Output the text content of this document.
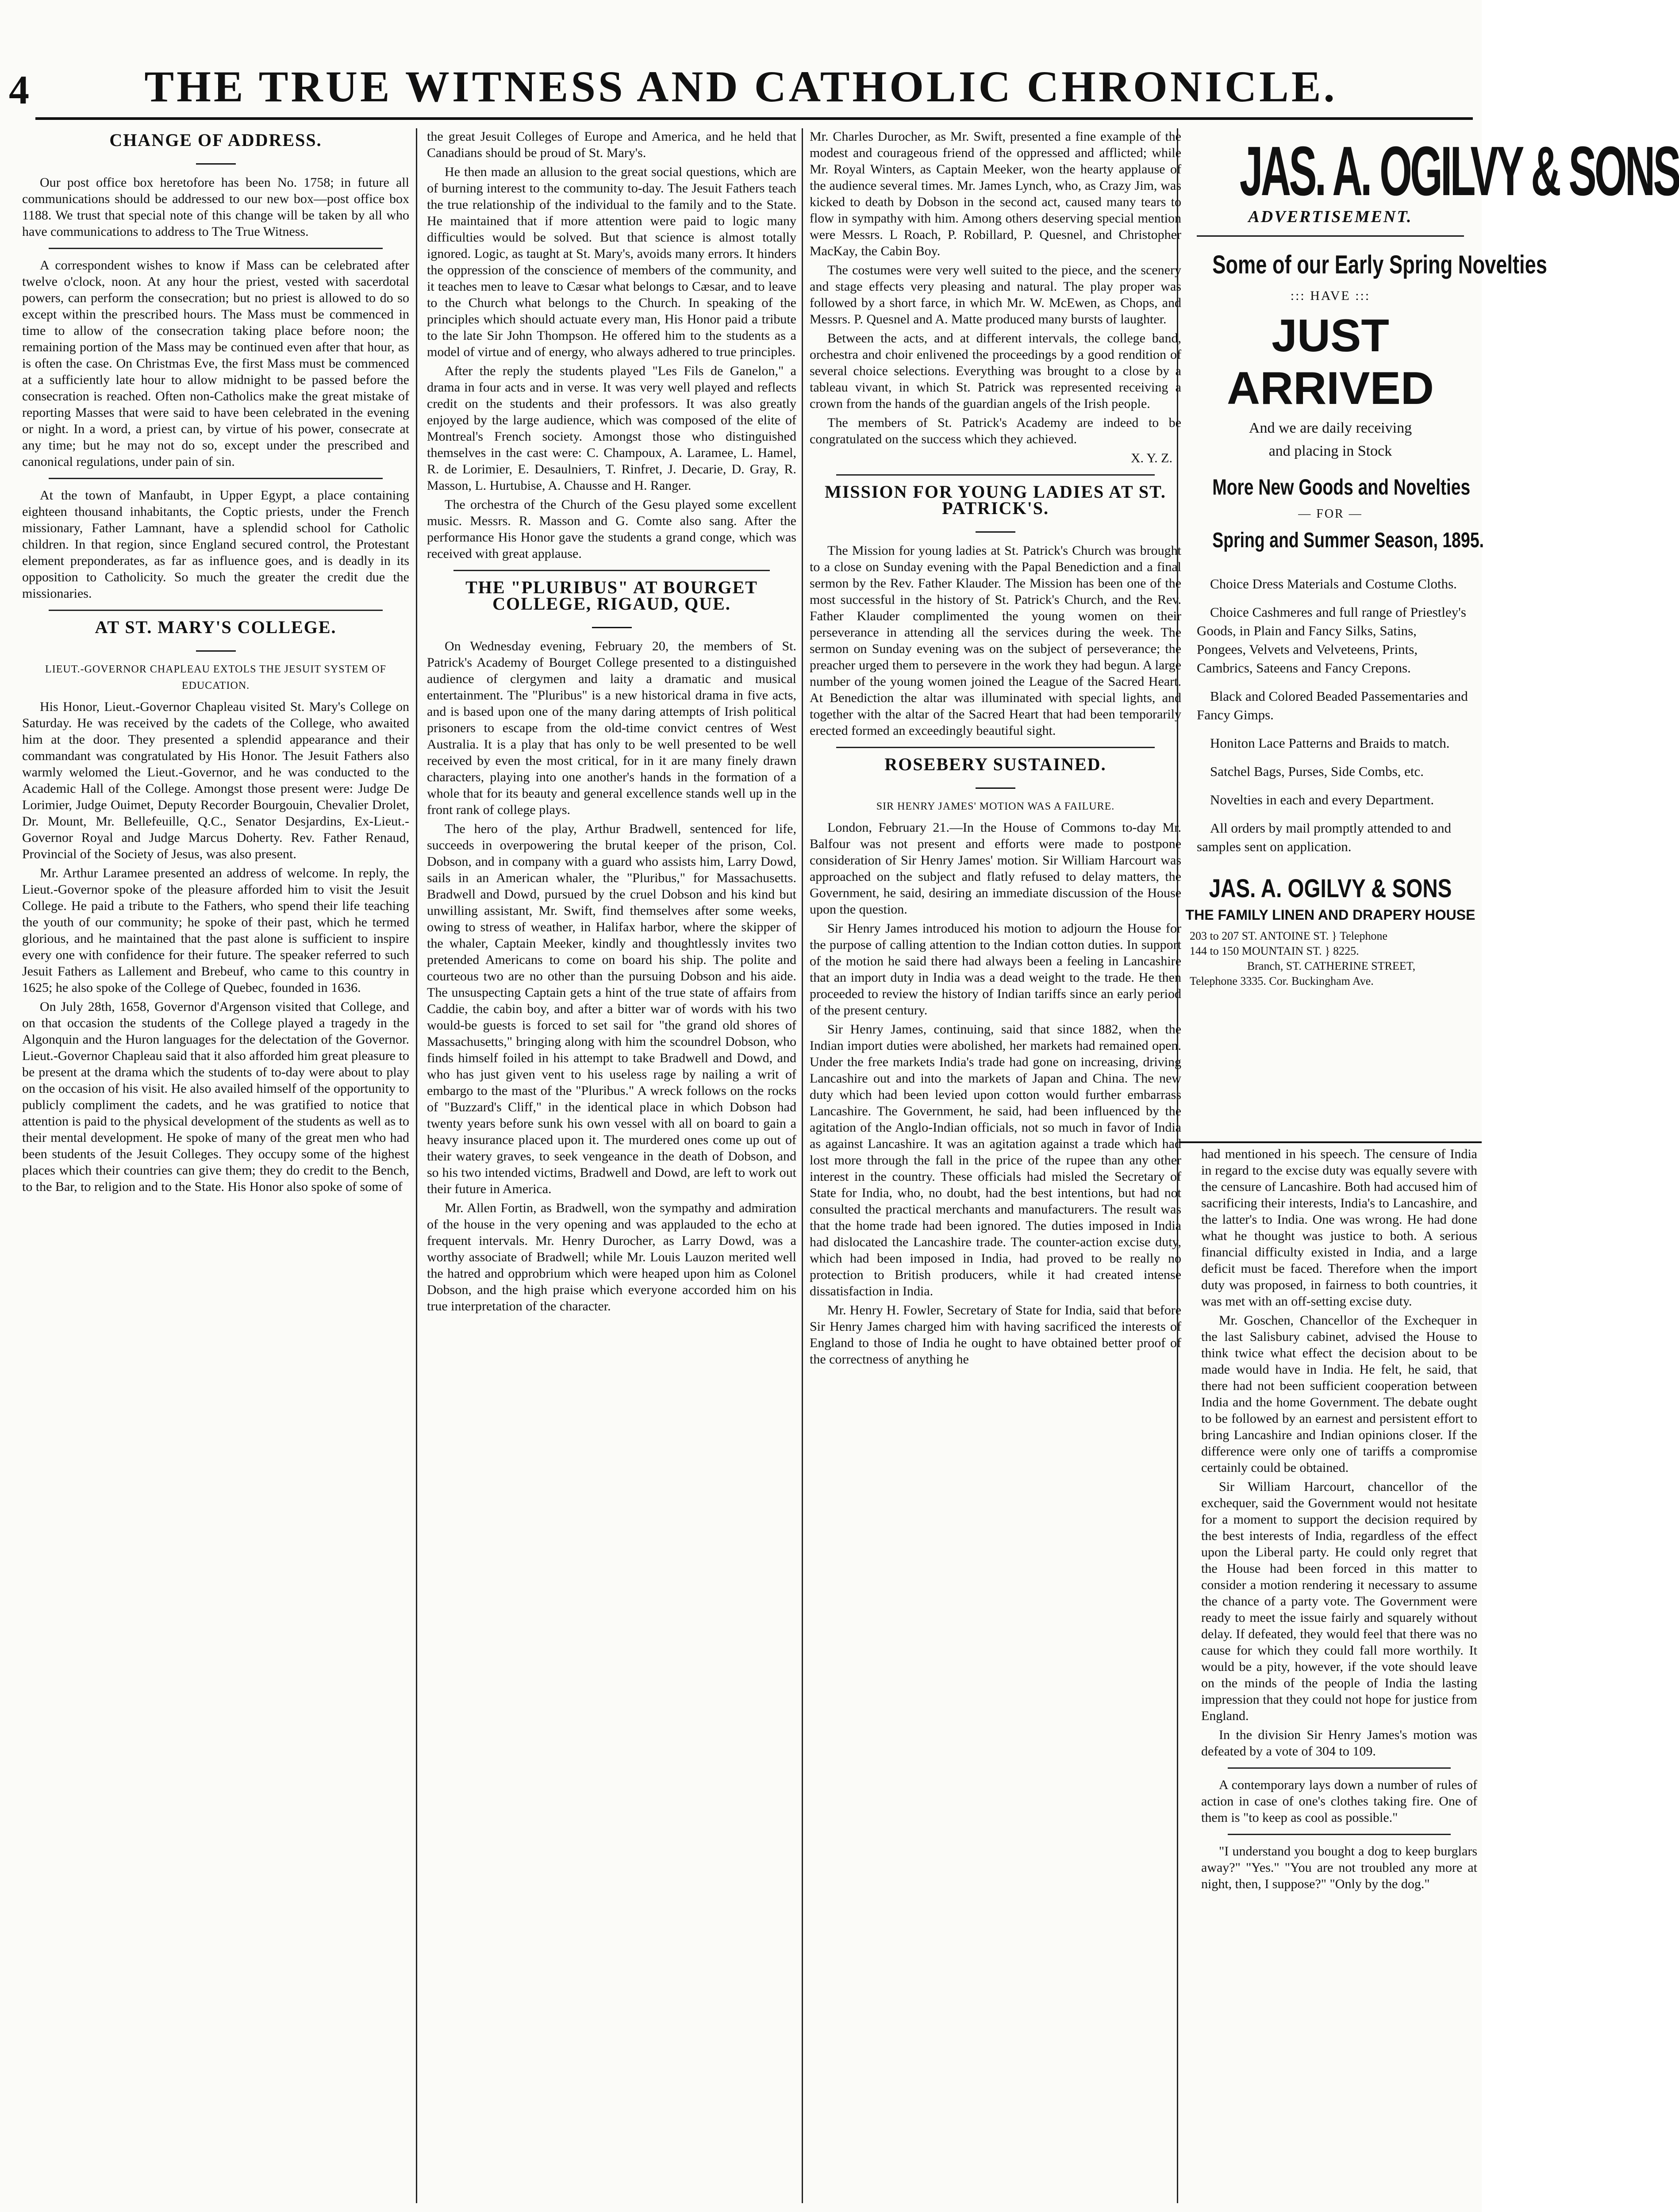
4	THE TRUE WITNESS AND CATHOLIC CHRONICLE.
CHANGE OF ADDRESS.

Our post office box heretofore has been No. 1758; in future all communications should be addressed to our new box—post office box 1188. We trust that special note of this change will be taken by all who have communications to address to The True Witness.

A correspondent wishes to know if Mass can be celebrated after twelve o'clock, noon. At any hour the priest, vested with sacerdotal powers, can perform the consecration; but no priest is allowed to do so except within the prescribed hours. The Mass must be commenced in time to allow of the consecration taking place before noon; the remaining portion of the Mass may be continued even after that hour, as is often the case. On Christmas Eve, the first Mass must be commenced at a sufficiently late hour to allow midnight to be passed before the consecration is reached. Often non-Catholics make the great mistake of reporting Masses that were said to have been celebrated in the evening or night. In a word, a priest can, by virtue of his power, consecrate at any time; but he may not do so, except under the prescribed and canonical regulations, under pain of sin.

At the town of Manfaubt, in Upper Egypt, a place containing eighteen thousand inhabitants, the Coptic priests, under the French missionary, Father Lamnant, have a splendid school for Catholic children. In that region, since England secured control, the Protestant element preponderates, as far as influence goes, and is deadly in its opposition to Catholicity. So much the greater the credit due the missionaries.

AT ST. MARY'S COLLEGE.
LIEUT.-GOVERNOR CHAPLEAU EXTOLS THE JESUIT SYSTEM OF EDUCATION.

His Honor, Lieut.-Governor Chapleau visited St. Mary's College on Saturday. He was received by the cadets of the College, who awaited him at the door. They presented a splendid appearance and their commandant was congratulated by His Honor. The Jesuit Fathers also warmly welomed the Lieut.-Governor, and he was conducted to the Academic Hall of the College. Amongst those present were: Judge De Lorimier, Judge Ouimet, Deputy Recorder Bourgouin, Chevalier Drolet, Dr. Mount, Mr. Bellefeuille, Q.C., Senator Desjardins, Ex-Lieut.-Governor Royal and Judge Marcus Doherty. Rev. Father Renaud, Provincial of the Society of Jesus, was also present.

Mr. Arthur Laramee presented an address of welcome. In reply, the Lieut.-Governor spoke of the pleasure afforded him to visit the Jesuit College. He paid a tribute to the Fathers, who spend their life teaching the youth of our community; he spoke of their past, which he termed glorious, and he maintained that the past alone is sufficient to inspire every one with confidence for their future. The speaker referred to such Jesuit Fathers as Lallement and Brebeuf, who came to this country in 1625; he also spoke of the College of Quebec, founded in 1636.

On July 28th, 1658, Governor d'Argenson visited that College, and on that occasion the students of the College played a tragedy in the Algonquin and the Huron languages for the delectation of the Governor. Lieut.-Governor Chapleau said that it also afforded him great pleasure to be present at the drama which the students of to-day were about to play on the occasion of his visit. He also availed himself of the opportunity to publicly compliment the cadets, and he was gratified to notice that attention is paid to the physical development of the students as well as to their mental development. He spoke of many of the great men who had been students of the Jesuit Colleges. They occupy some of the highest places which their countries can give them; they do credit to the Bench, to the Bar, to religion and to the State. His Honor also spoke of some of

the great Jesuit Colleges of Europe and America, and he held that Canadians should be proud of St. Mary's.

He then made an allusion to the great social questions, which are of burning interest to the community to-day. The Jesuit Fathers teach the true relationship of the individual to the family and to the State. He maintained that if more attention were paid to logic many difficulties would be solved. But that science is almost totally ignored. Logic, as taught at St. Mary's, avoids many errors. It hinders the oppression of the conscience of members of the community, and it teaches men to leave to Cæsar what belongs to Cæsar, and to leave to the Church what belongs to the Church. In speaking of the principles which should actuate every man, His Honor paid a tribute to the late Sir John Thompson. He offered him to the students as a model of virtue and of energy, who always adhered to true principles.

After the reply the students played "Les Fils de Ganelon," a drama in four acts and in verse. It was very well played and reflects credit on the students and their professors. It was also greatly enjoyed by the large audience, which was composed of the elite of Montreal's French society. Amongst those who distinguished themselves in the cast were: C. Champoux, A. Laramee, L. Hamel, R. de Lorimier, E. Desaulniers, T. Rinfret, J. Decarie, D. Gray, R. Masson, L. Hurtubise, A. Chausse and H. Ranger.

The orchestra of the Church of the Gesu played some excellent music. Messrs. R. Masson and G. Comte also sang. After the performance His Honor gave the students a grand conge, which was received with great applause.

THE "PLURIBUS" AT BOURGET COLLEGE, RIGAUD, QUE.

On Wednesday evening, February 20, the members of St. Patrick's Academy of Bourget College presented to a distinguished audience of clergymen and laity a dramatic and musical entertainment. The "Pluribus" is a new historical drama in five acts, and is based upon one of the many daring attempts of Irish political prisoners to escape from the old-time convict centres of West Australia. It is a play that has only to be well presented to be well received by even the most critical, for in it are many finely drawn characters, playing into one another's hands in the formation of a whole that for its beauty and general excellence stands well up in the front rank of college plays.

The hero of the play, Arthur Bradwell, sentenced for life, succeeds in overpowering the brutal keeper of the prison, Col. Dobson, and in company with a guard who assists him, Larry Dowd, sails in an American whaler, the "Pluribus," for Massachusetts. Bradwell and Dowd, pursued by the cruel Dobson and his kind but unwilling assistant, Mr. Swift, find themselves after some weeks, owing to stress of weather, in Halifax harbor, where the skipper of the whaler, Captain Meeker, kindly and thoughtlessly invites two pretended Americans to come on board his ship. The polite and courteous two are no other than the pursuing Dobson and his aide. The unsuspecting Captain gets a hint of the true state of affairs from Caddie, the cabin boy, and after a bitter war of words with his two would-be guests is forced to set sail for "the grand old shores of Massachusetts," bringing along with him the scoundrel Dobson, who finds himself foiled in his attempt to take Bradwell and Dowd, and who has just given vent to his useless rage by nailing a writ of embargo to the mast of the "Pluribus." A wreck follows on the rocks of "Buzzard's Cliff," in the identical place in which Dobson had twenty years before sunk his own vessel with all on board to gain a heavy insurance placed upon it. The murdered ones come up out of their watery graves, to seek vengeance in the death of Dobson, and so his two intended victims, Bradwell and Dowd, are left to work out their future in America.

Mr. Allen Fortin, as Bradwell, won the sympathy and admiration of the house in the very opening and was applauded to the echo at frequent intervals. Mr. Henry Durocher, as Larry Dowd, was a worthy associate of Bradwell; while Mr. Louis Lauzon merited well the hatred and opprobrium which were heaped upon him as Colonel Dobson, and the high praise which everyone accorded him on his true interpretation of the character.

Mr. Charles Durocher, as Mr. Swift, presented a fine example of the modest and courageous friend of the oppressed and afflicted; while Mr. Royal Winters, as Captain Meeker, won the hearty applause of the audience several times. Mr. James Lynch, who, as Crazy Jim, was kicked to death by Dobson in the second act, caused many tears to flow in sympathy with him. Among others deserving special mention were Messrs. L Roach, P. Robillard, P. Quesnel, and Christopher MacKay, the Cabin Boy.

The costumes were very well suited to the piece, and the scenery and stage effects very pleasing and natural. The play proper was followed by a short farce, in which Mr. W. McEwen, as Chops, and Messrs. P. Quesnel and A. Matte produced many bursts of laughter.

Between the acts, and at different intervals, the college band, orchestra and choir enlivened the proceedings by a good rendition of several choice selections. Everything was brought to a close by a tableau vivant, in which St. Patrick was represented receiving a crown from the hands of the guardian angels of the Irish people.

The members of St. Patrick's Academy are indeed to be congratulated on the success which they achieved.

X. Y. Z.
MISSION FOR YOUNG LADIES AT ST. PATRICK'S.

The Mission for young ladies at St. Patrick's Church was brought to a close on Sunday evening with the Papal Benediction and a final sermon by the Rev. Father Klauder. The Mission has been one of the most successful in the history of St. Patrick's Church, and the Rev. Father Klauder complimented the young women on their perseverance in attending all the services during the week. The sermon on Sunday evening was on the subject of perseverance; the preacher urged them to persevere in the work they had begun. A large number of the young women joined the League of the Sacred Heart. At Benediction the altar was illuminated with special lights, and together with the altar of the Sacred Heart that had been temporarily erected formed an exceedingly beautiful sight.

ROSEBERY SUSTAINED.
SIR HENRY JAMES' MOTION WAS A FAILURE.

London, February 21.—In the House of Commons to-day Mr. Balfour was not present and efforts were made to postpone consideration of Sir Henry James' motion. Sir William Harcourt was approached on the subject and flatly refused to delay matters, the Government, he said, desiring an immediate discussion of the House upon the question.

Sir Henry James introduced his motion to adjourn the House for the purpose of calling attention to the Indian cotton duties. In support of the motion he said there had always been a feeling in Lancashire that an import duty in India was a dead weight to the trade. He then proceeded to review the history of Indian tariffs since an early period of the present century.

Sir Henry James, continuing, said that since 1882, when the Indian import duties were abolished, her markets had remained open. Under the free markets India's trade had gone on increasing, driving Lancashire out and into the markets of Japan and China. The new duty which had been levied upon cotton would further embarrass Lancashire. The Government, he said, had been influenced by the agitation of the Anglo-Indian officials, not so much in favor of India as against Lancashire. It was an agitation against a trade which had lost more through the fall in the price of the rupee than any other interest in the country. These officials had misled the Secretary of State for India, who, no doubt, had the best intentions, but had not consulted the practical merchants and manufacturers. The result was that the home trade had been ignored. The duties imposed in India had dislocated the Lancashire trade. The counter-action excise duty, which had been imposed in India, had proved to be really no protection to British producers, while it had created intense dissatisfaction in India.

Mr. Henry H. Fowler, Secretary of State for India, said that before Sir Henry James charged him with having sacrificed the interests of England to those of India he ought to have obtained better proof of the correctness of anything he

JAS. A. OGILVY & SONS
ADVERTISEMENT.
Some of our Early Spring Novelties
::: HAVE :::
JUST ARRIVED
And we are daily receiving
and placing in Stock
More New Goods and Novelties
— FOR —
Spring and Summer Season, 1895.

Choice Dress Materials and Costume Cloths.

Choice Cashmeres and full range of Priestley's Goods, in Plain and Fancy Silks, Satins, Pongees, Velvets and Velveteens, Prints, Cambrics, Sateens and Fancy Crepons.

Black and Colored Beaded Passementaries and Fancy Gimps.

Honiton Lace Patterns and Braids to match.

Satchel Bags, Purses, Side Combs, etc.

Novelties in each and every Department.

All orders by mail promptly attended to and samples sent on application.

JAS. A. OGILVY & SONS
THE FAMILY LINEN AND DRAPERY HOUSE
203 to 207 ST. ANTOINE ST. } Telephone
144 to 150 MOUNTAIN ST. } 8225.
Branch, ST. CATHERINE STREET,
Telephone 3335. Cor. Buckingham Ave.

had mentioned in his speech. The censure of India in regard to the excise duty was equally severe with the censure of Lancashire. Both had accused him of sacrificing their interests, India's to Lancashire, and the latter's to India. One was wrong. He had done what he thought was justice to both. A serious financial difficulty existed in India, and a large deficit must be faced. Therefore when the import duty was proposed, in fairness to both countries, it was met with an off-setting excise duty.

Mr. Goschen, Chancellor of the Exchequer in the last Salisbury cabinet, advised the House to think twice what effect the decision about to be made would have in India. He felt, he said, that there had not been sufficient cooperation between India and the home Government. The debate ought to be followed by an earnest and persistent effort to bring Lancashire and Indian opinions closer. If the difference were only one of tariffs a compromise certainly could be obtained.

Sir William Harcourt, chancellor of the exchequer, said the Government would not hesitate for a moment to support the decision required by the best interests of India, regardless of the effect upon the Liberal party. He could only regret that the House had been forced in this matter to consider a motion rendering it necessary to assume the chance of a party vote. The Government were ready to meet the issue fairly and squarely without delay. If defeated, they would feel that there was no cause for which they could fall more worthily. It would be a pity, however, if the vote should leave on the minds of the people of India the lasting impression that they could not hope for justice from England.

In the division Sir Henry James's motion was defeated by a vote of 304 to 109.

A contemporary lays down a number of rules of action in case of one's clothes taking fire. One of them is "to keep as cool as possible."

"I understand you bought a dog to keep burglars away?" "Yes." "You are not troubled any more at night, then, I suppose?" "Only by the dog."
